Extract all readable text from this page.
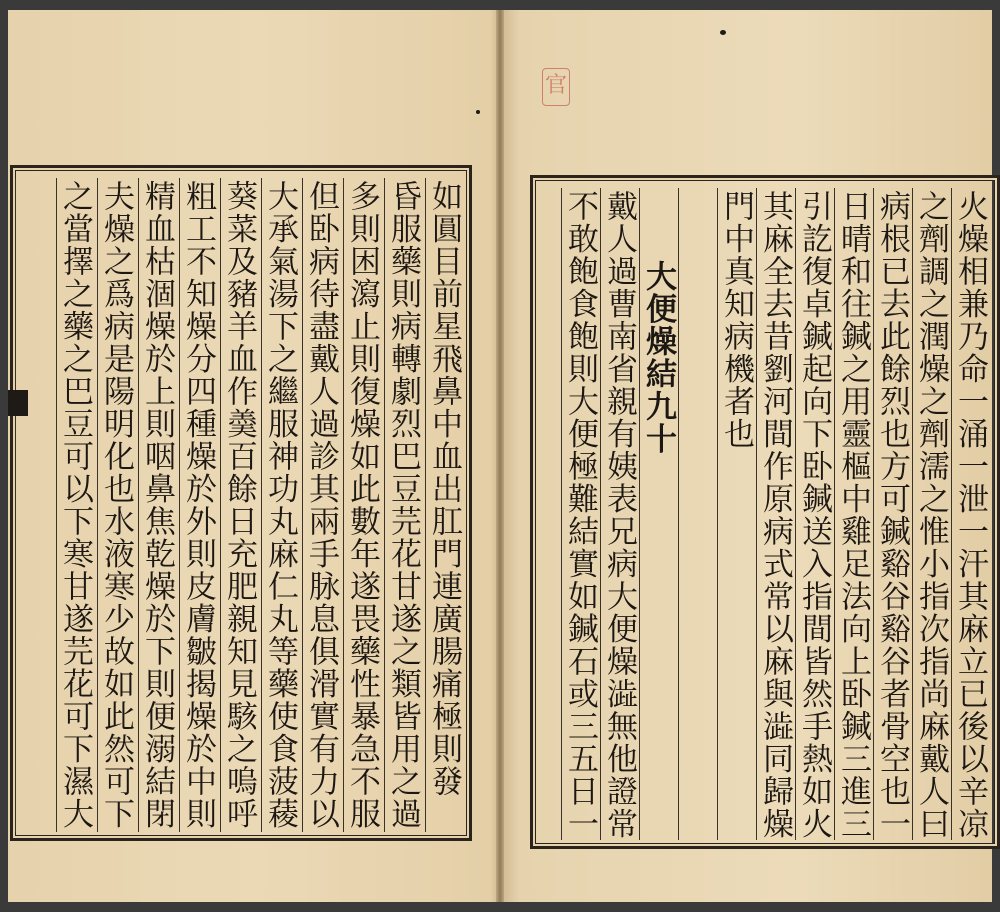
如圓目前星飛鼻中血出肛門連廣腸痛極則發
昏服藥則病轉劇烈巴豆芫花甘遂之類皆用之過
多則困瀉止則復燥如此數年遂畏藥性暴急不服
但卧病待盡戴人過診其兩手脉息俱滑實有力以
大承氣湯下之繼服神功丸麻仁丸等藥使食菠薐
葵菜及豬羊血作羮百餘日充肥親知見駭之嗚呼
粗工不知燥分四種燥於外則皮膚皺揭燥於中則
精血枯涸燥於上則咽鼻焦乾燥於下則便溺結閉
夫燥之爲病是陽明化也水液寒少故如此然可下
之當擇之藥之巴豆可以下寒甘遂芫花可下濕大
官
火燥相兼乃命一涌一泄一汗其麻立已後以辛凉
之劑調之潤燥之劑濡之惟小指次指尚麻戴人曰
病根已去此餘烈也方可鍼谿谷谿谷者骨空也一
日晴和往鍼之用靈樞中雞足法向上卧鍼三進三
引訖復卓鍼起向下卧鍼送入指間皆然手熱如火
其麻全去昔劉河間作原病式常以麻與澁同歸燥
門中真知病機者也
大便燥結九十
戴人過曹南省親有姨表兄病大便燥澁無他證常
不敢飽食飽則大便極難結實如鍼石或三五日一
